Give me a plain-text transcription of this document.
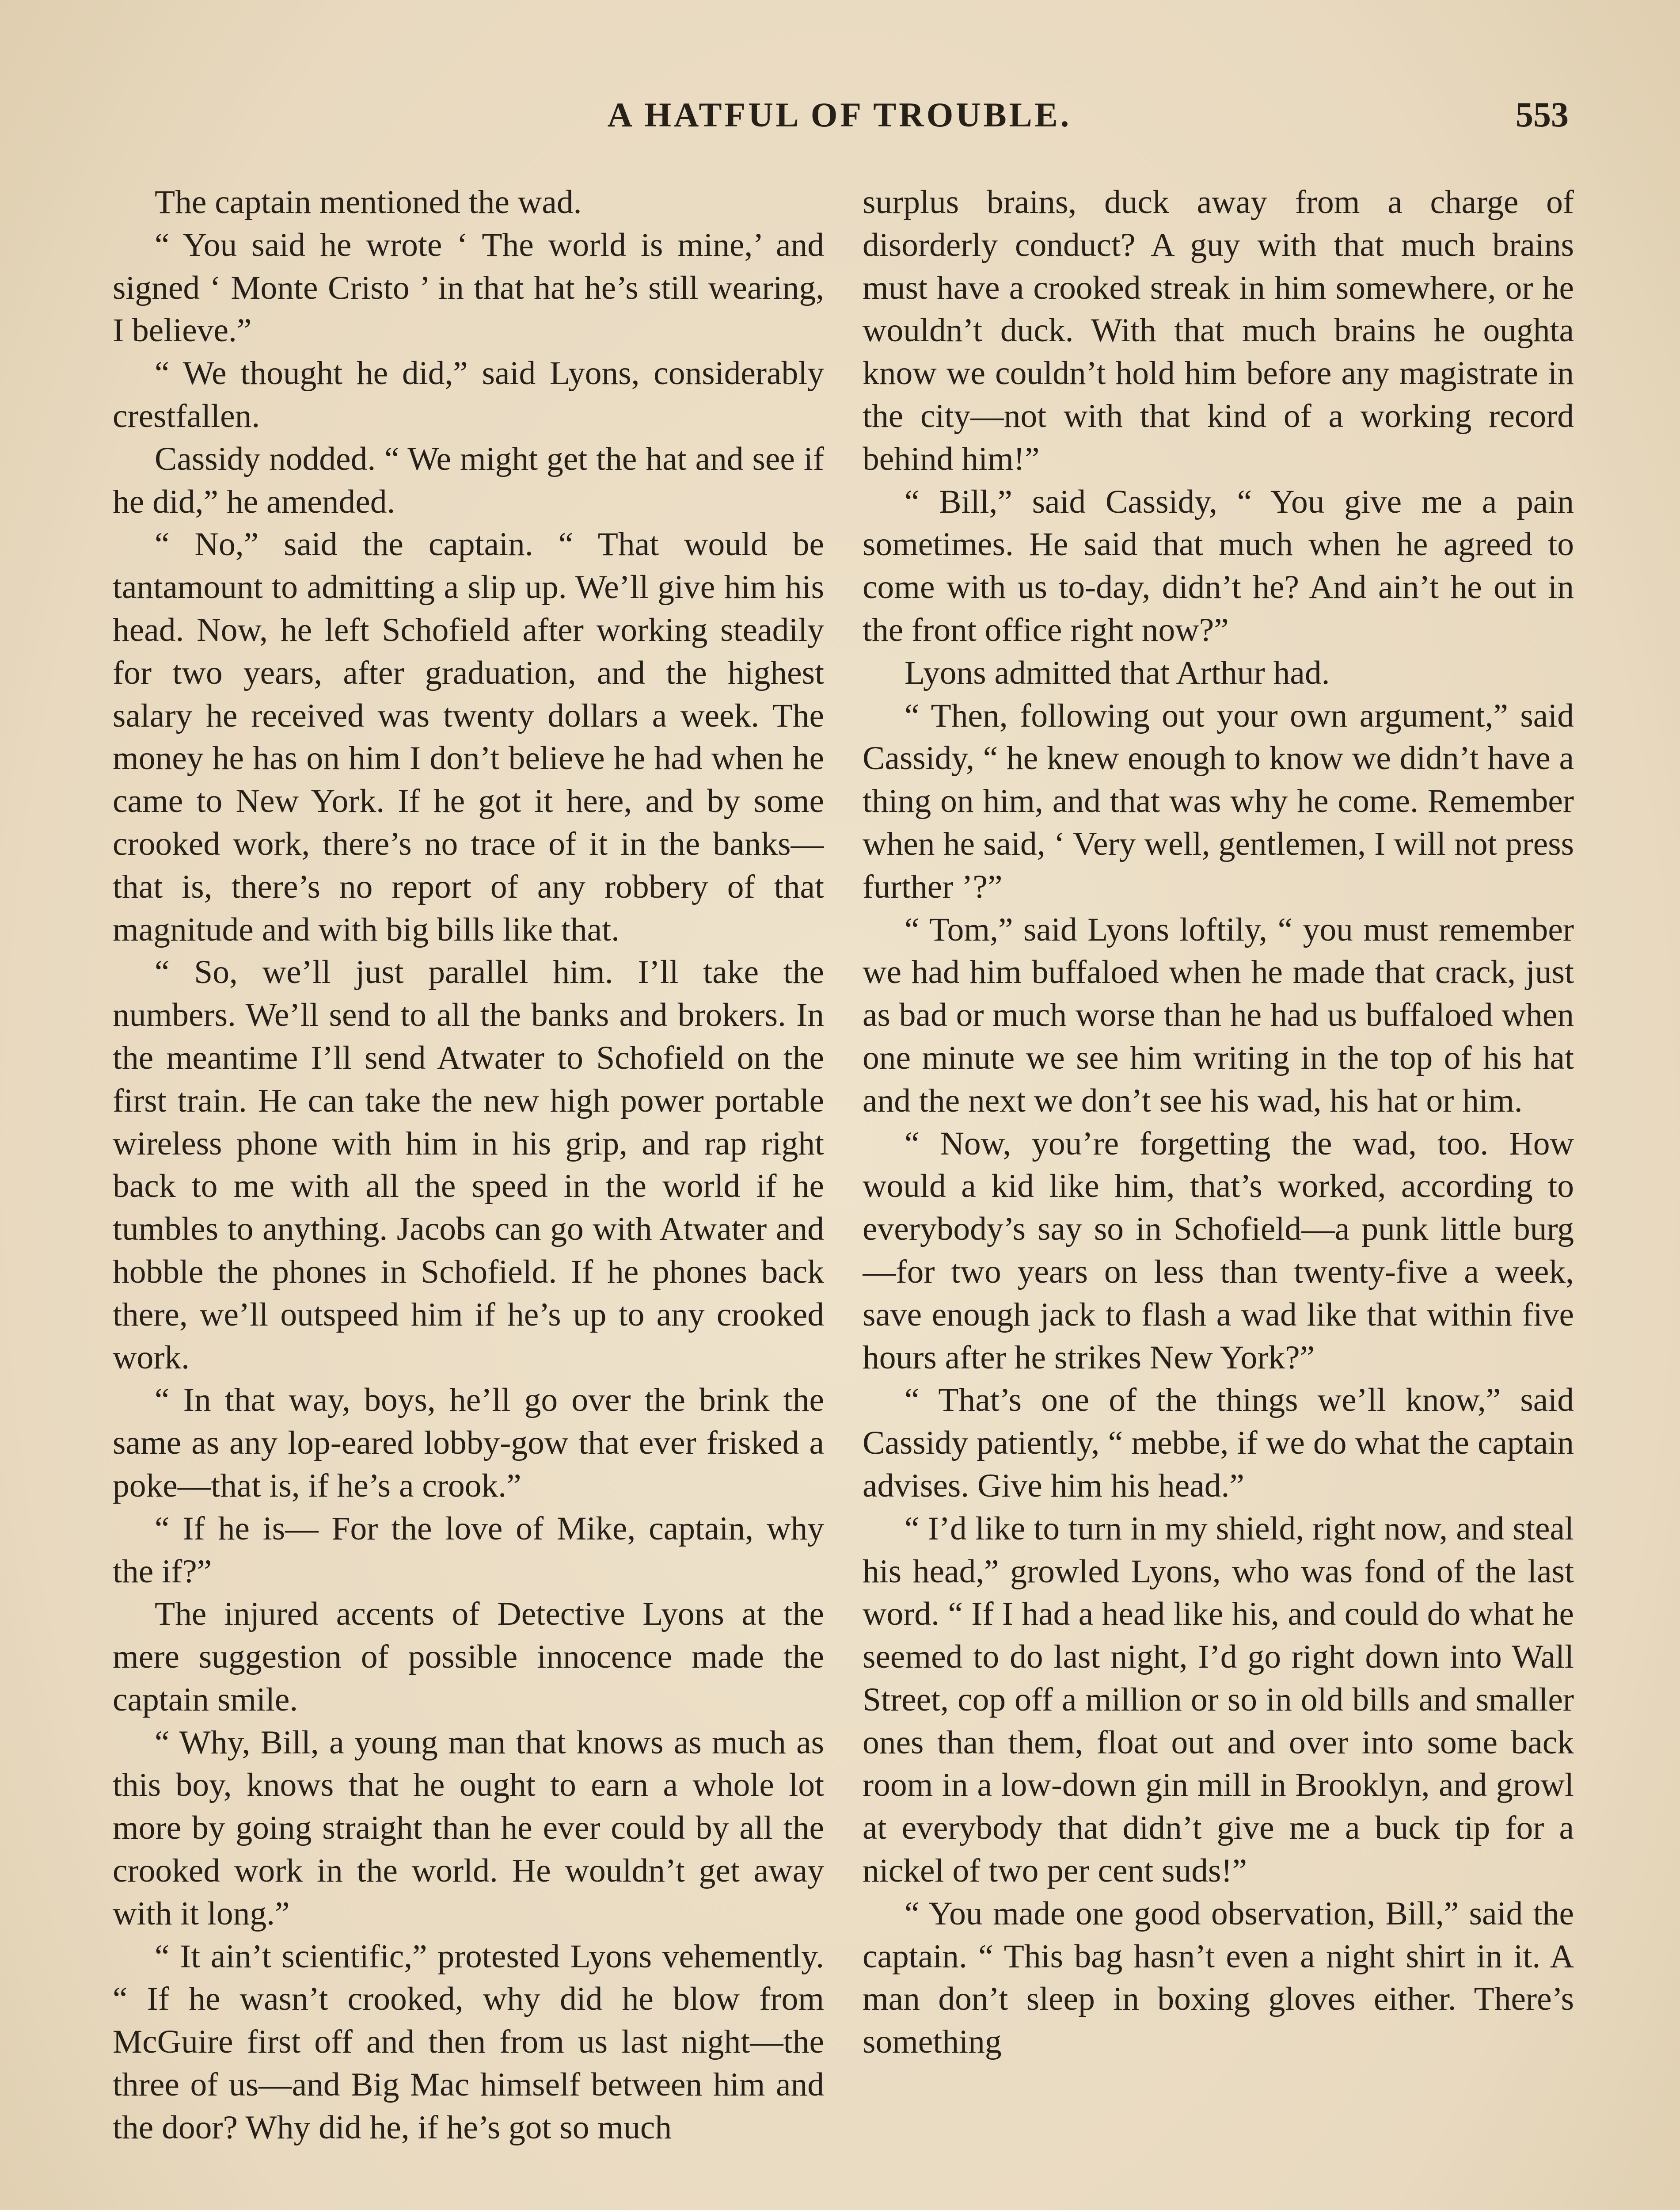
A HATFUL OF TROUBLE.	553

The captain mentioned the wad.

“ You said he wrote ‘ The world is mine,’ and signed ‘ Monte Cristo ’ in that hat he’s still wearing, I believe.”

“ We thought he did,” said Lyons, considerably crestfallen.

Cassidy nodded. “ We might get the hat and see if he did,” he amended.

“ No,” said the captain. “ That would be tantamount to admitting a slip up. We’ll give him his head. Now, he left Schofield after working steadily for two years, after graduation, and the highest salary he received was twenty dollars a week. The money he has on him I don’t believe he had when he came to New York. If he got it here, and by some crooked work, there’s no trace of it in the banks—that is, there’s no report of any robbery of that magnitude and with big bills like that.

“ So, we’ll just parallel him. I’ll take the numbers. We’ll send to all the banks and brokers. In the meantime I’ll send Atwater to Schofield on the first train. He can take the new high power portable wireless phone with him in his grip, and rap right back to me with all the speed in the world if he tumbles to anything. Jacobs can go with Atwater and hobble the phones in Schofield. If he phones back there, we’ll outspeed him if he’s up to any crooked work.

“ In that way, boys, he’ll go over the brink the same as any lop-eared lobby-gow that ever frisked a poke—that is, if he’s a crook.”

“ If he is— For the love of Mike, captain, why the if?”

The injured accents of Detective Lyons at the mere suggestion of possible innocence made the captain smile.

“ Why, Bill, a young man that knows as much as this boy, knows that he ought to earn a whole lot more by going straight than he ever could by all the crooked work in the world. He wouldn’t get away with it long.”

“ It ain’t scientific,” protested Lyons vehemently. “ If he wasn’t crooked, why did he blow from McGuire first off and then from us last night—the three of us—and Big Mac himself between him and the door? Why did he, if he’s got so much

surplus brains, duck away from a charge of disorderly conduct? A guy with that much brains must have a crooked streak in him somewhere, or he wouldn’t duck. With that much brains he oughta know we couldn’t hold him before any magistrate in the city—not with that kind of a working record behind him!”

“ Bill,” said Cassidy, “ You give me a pain sometimes. He said that much when he agreed to come with us to-day, didn’t he? And ain’t he out in the front office right now?”

Lyons admitted that Arthur had.

“ Then, following out your own argument,” said Cassidy, “ he knew enough to know we didn’t have a thing on him, and that was why he come. Remember when he said, ‘ Very well, gentlemen, I will not press further ’?”

“ Tom,” said Lyons loftily, “ you must remember we had him buffaloed when he made that crack, just as bad or much worse than he had us buffaloed when one minute we see him writing in the top of his hat and the next we don’t see his wad, his hat or him.

“ Now, you’re forgetting the wad, too. How would a kid like him, that’s worked, according to everybody’s say so in Schofield—a punk little burg—for two years on less than twenty-five a week, save enough jack to flash a wad like that within five hours after he strikes New York?”

“ That’s one of the things we’ll know,” said Cassidy patiently, “ mebbe, if we do what the captain advises. Give him his head.”

“ I’d like to turn in my shield, right now, and steal his head,” growled Lyons, who was fond of the last word. “ If I had a head like his, and could do what he seemed to do last night, I’d go right down into Wall Street, cop off a million or so in old bills and smaller ones than them, float out and over into some back room in a low-down gin mill in Brooklyn, and growl at everybody that didn’t give me a buck tip for a nickel of two per cent suds!”

“ You made one good observation, Bill,” said the captain. “ This bag hasn’t even a night shirt in it. A man don’t sleep in boxing gloves either. There’s something
